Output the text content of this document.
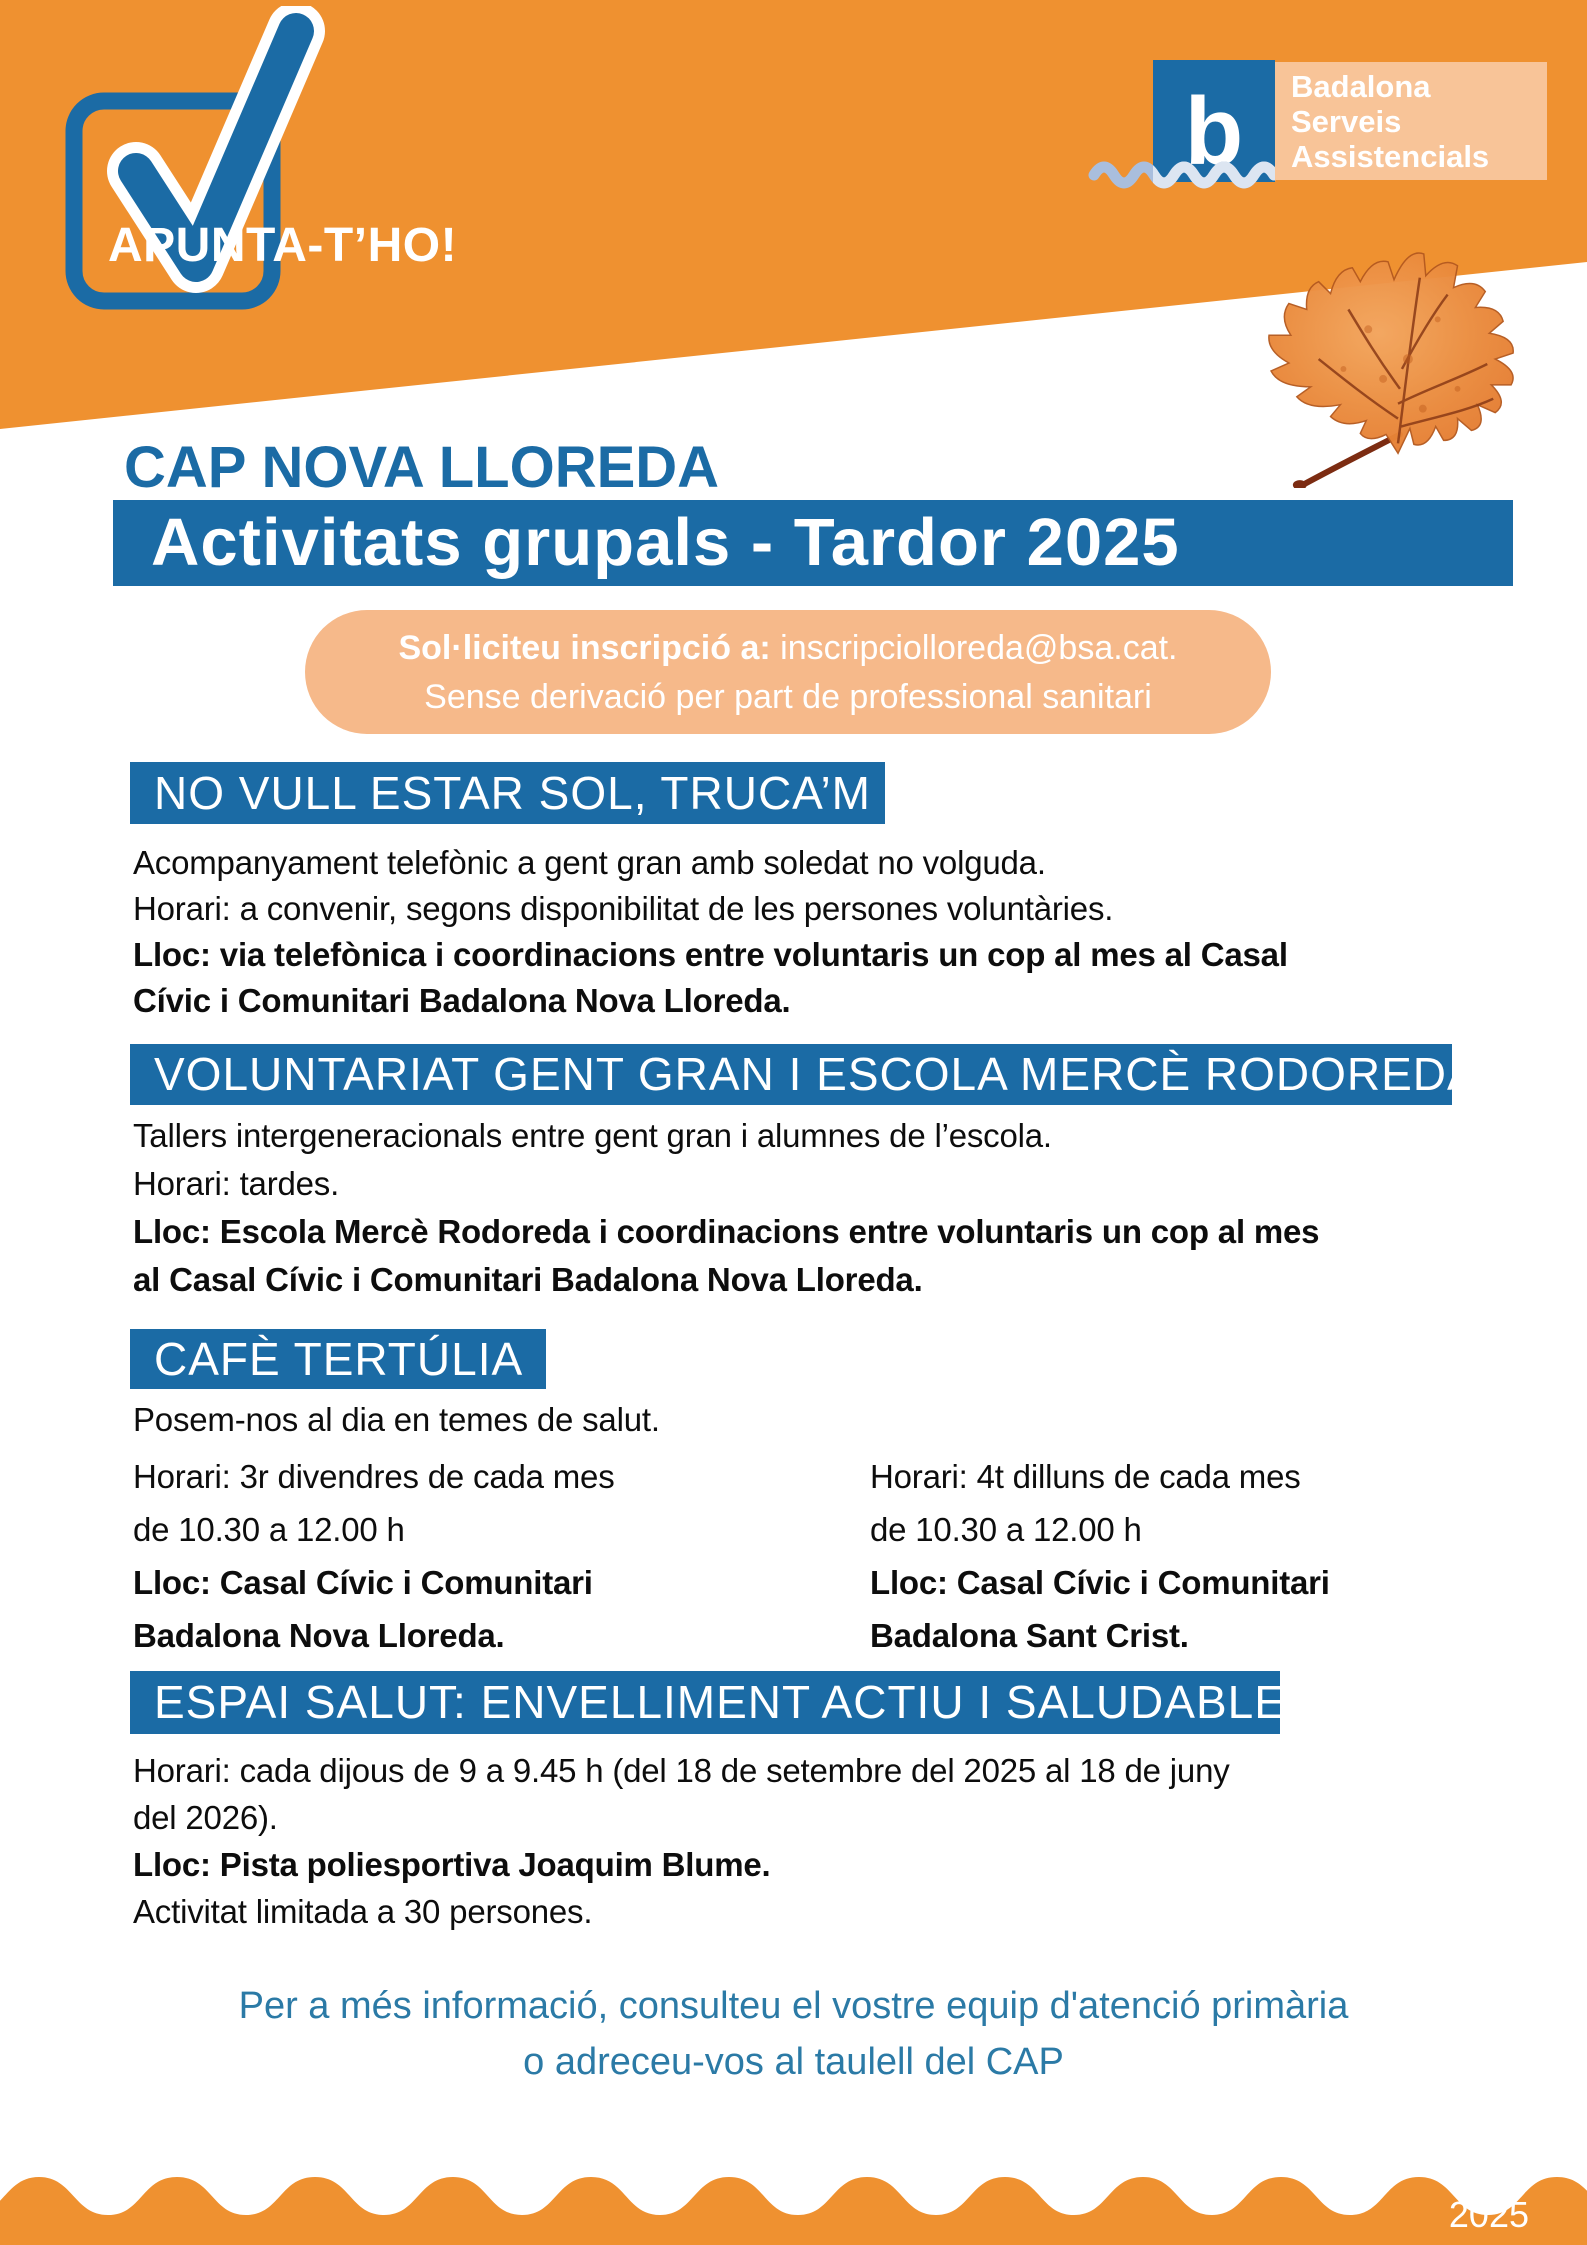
APUNTA-T’HO!
b	Badalona
Serveis
Assistencials
CAP NOVA LLOREDA
Activitats grupals - Tardor 2025
Sol·liciteu inscripció a: inscripciolloreda@bsa.cat.
Sense derivació per part de professional sanitari
NO VULL ESTAR SOL, TRUCA’M
Acompanyament telefònic a gent gran amb soledat no volguda.
Horari: a convenir, segons disponibilitat de les persones voluntàries.
Lloc: via telefònica i coordinacions entre voluntaris un cop al mes al Casal
Cívic i Comunitari Badalona Nova Lloreda.
VOLUNTARIAT GENT GRAN I ESCOLA MERCÈ RODOREDA
Tallers intergeneracionals entre gent gran i alumnes de l’escola.
Horari: tardes.
Lloc: Escola Mercè Rodoreda i coordinacions entre voluntaris un cop al mes
al Casal Cívic i Comunitari Badalona Nova Lloreda.
CAFÈ TERTÚLIA
Posem-nos al dia en temes de salut.
Horari: 3r divendres de cada mes
de 10.30 a 12.00 h
Lloc: Casal Cívic i Comunitari
Badalona Nova Lloreda.
Horari: 4t dilluns de cada mes
de 10.30 a 12.00 h
Lloc: Casal Cívic i Comunitari
Badalona Sant Crist.
ESPAI SALUT: ENVELLIMENT ACTIU I SALUDABLE
Horari: cada dijous de 9 a 9.45 h (del 18 de setembre del 2025 al 18 de juny
del 2026).
Lloc: Pista poliesportiva Joaquim Blume.
Activitat limitada a 30 persones.
Per a més informació, consulteu el vostre equip d'atenció primària
o adreceu-vos al taulell del CAP
2025
